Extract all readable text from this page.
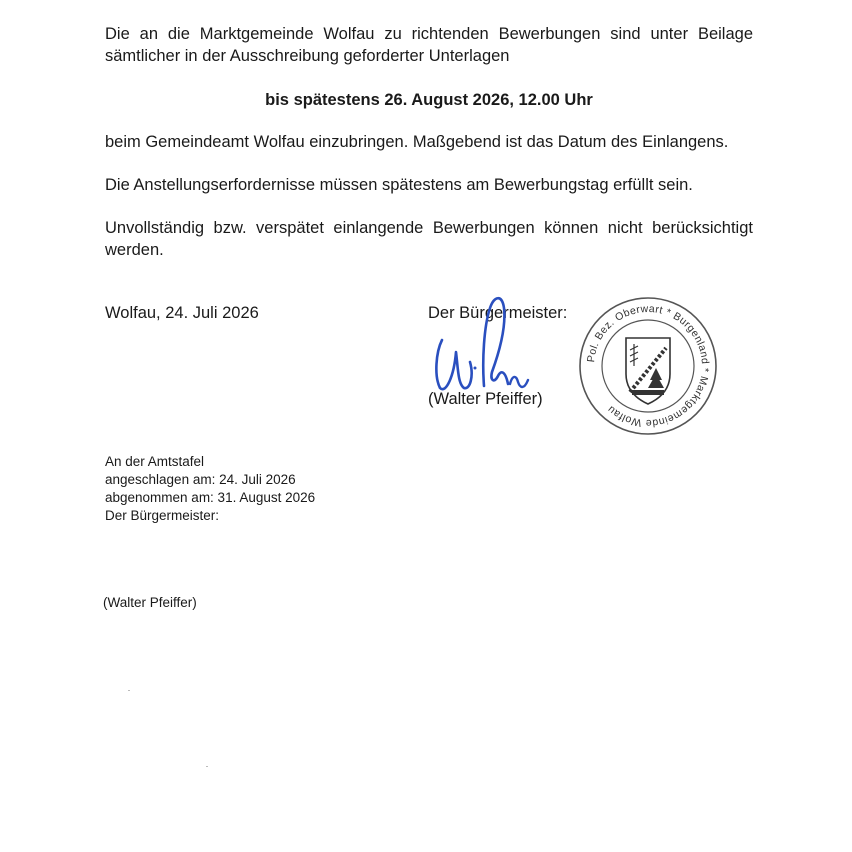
Die an die Marktgemeinde Wolfau zu richtenden Bewerbungen sind unter Beilage sämtlicher in der Ausschreibung geforderter Unterlagen

bis spätestens 26. August 2026, 12.00 Uhr

beim Gemeindeamt Wolfau einzubringen. Maßgebend ist das Datum des Einlangens.

Die Anstellungserfordernisse müssen spätestens am Bewerbungstag erfüllt sein.

Unvollständig bzw. verspätet einlangende Bewerbungen können nicht berücksichtigt werden.

Wolfau, 24. Juli 2026	Der Bürgermeister:

(Walter Pfeiffer)

Pol. Bez. Oberwart * Burgenland * Marktgemeinde Wolfau

An der Amtstafel

angeschlagen am: 24. Juli 2026

abgenommen am: 31. August 2026

Der Bürgermeister:

(Walter Pfeiffer)
